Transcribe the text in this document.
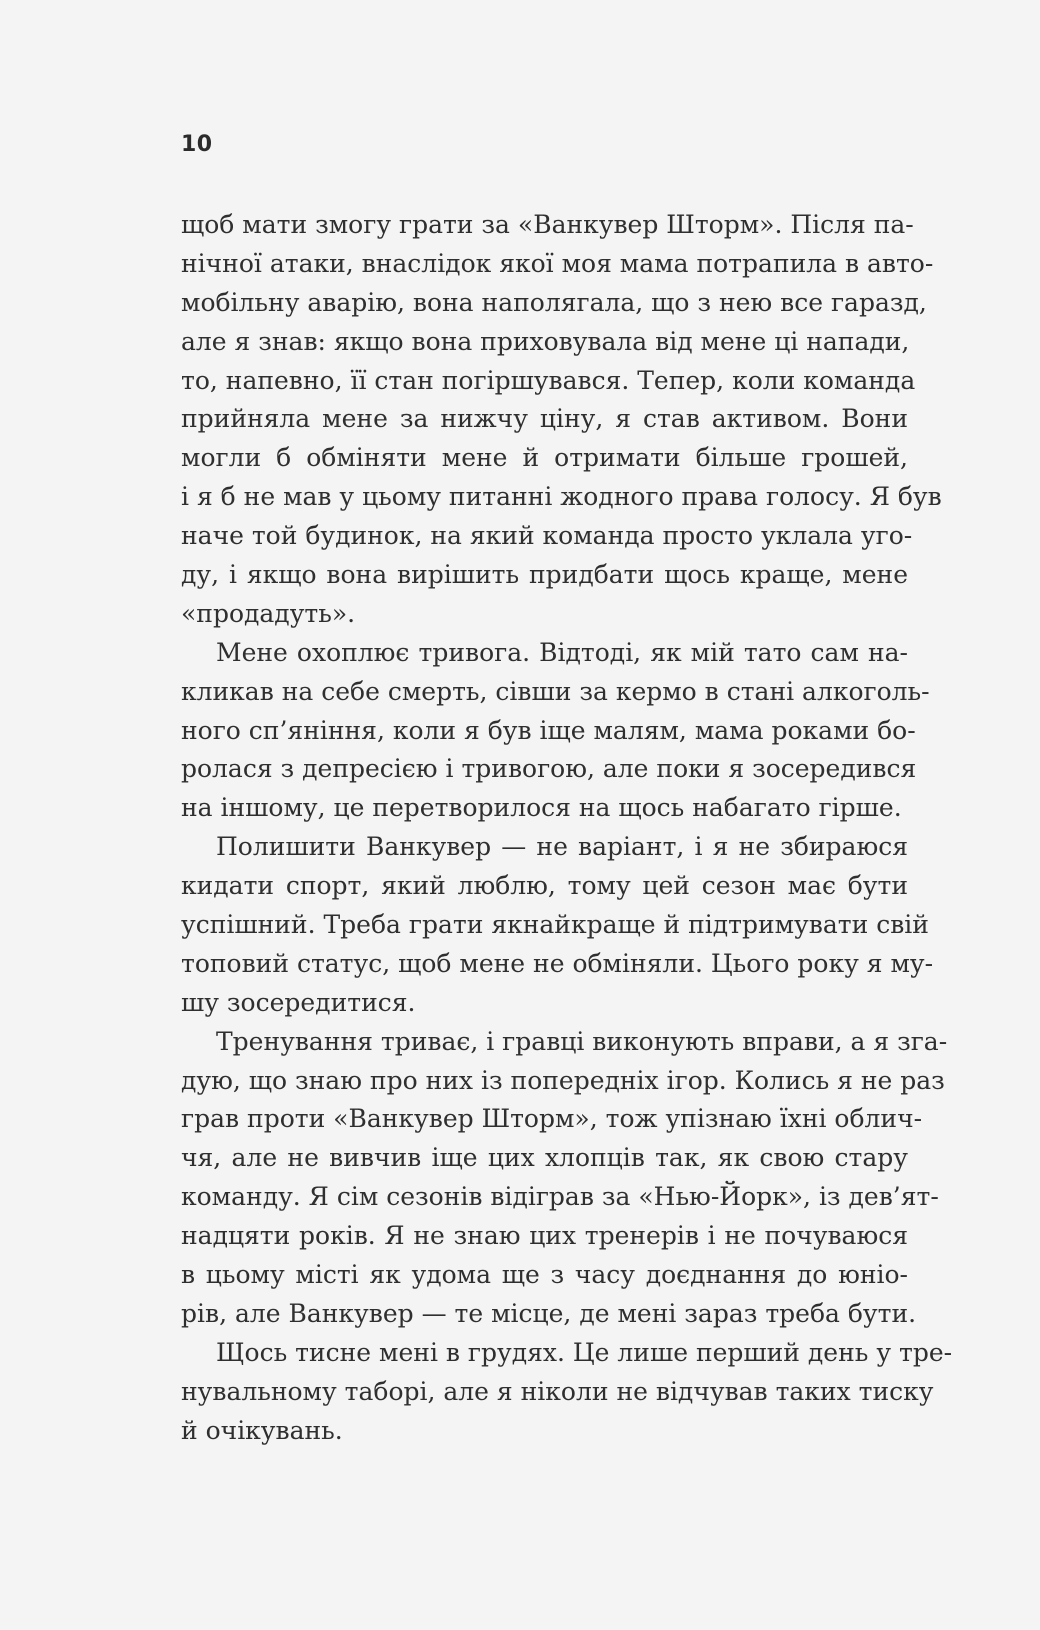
10
щоб мати змогу грати за «Ванкувер Шторм». Після па-
нічної атаки, внаслідок якої моя мама потрапила в авто-
мобільну аварію, вона наполягала, що з нею все гаразд,
але я знав: якщо вона приховувала від мене ці напади,
то, напевно, її стан погіршувався. Тепер, коли команда
прийняла мене за нижчу ціну, я став активом. Вони
могли б обміняти мене й отримати більше грошей,
і я б не мав у цьому питанні жодного права голосу. Я був
наче той будинок, на який команда просто уклала уго-
ду, і якщо вона вирішить придбати щось краще, мене
«продадуть».
Мене охоплює тривога. Відтоді, як мій тато сам на-
кликав на себе смерть, сівши за кермо в стані алкоголь-
ного сп’яніння, коли я був іще малям, мама роками бо-
ролася з депресією і тривогою, але поки я зосередився
на іншому, це перетворилося на щось набагато гірше.
Полишити Ванкувер — не варіант, і я не збираюся
кидати спорт, який люблю, тому цей сезон має бути
успішний. Треба грати якнайкраще й підтримувати свій
топовий статус, щоб мене не обміняли. Цього року я му-
шу зосередитися.
Тренування триває, і гравці виконують вправи, а я зга-
дую, що знаю про них із попередніх ігор. Колись я не раз
грав проти «Ванкувер Шторм», тож упізнаю їхні облич-
чя, але не вивчив іще цих хлопців так, як свою стару
команду. Я сім сезонів відіграв за «Нью-Йорк», із дев’ят-
надцяти років. Я не знаю цих тренерів і не почуваюся
в цьому місті як удома ще з часу доєднання до юніо-
рів, але Ванкувер — те місце, де мені зараз треба бути.
Щось тисне мені в грудях. Це лише перший день у тре-
нувальному таборі, але я ніколи не відчував таких тиску
й очікувань.
